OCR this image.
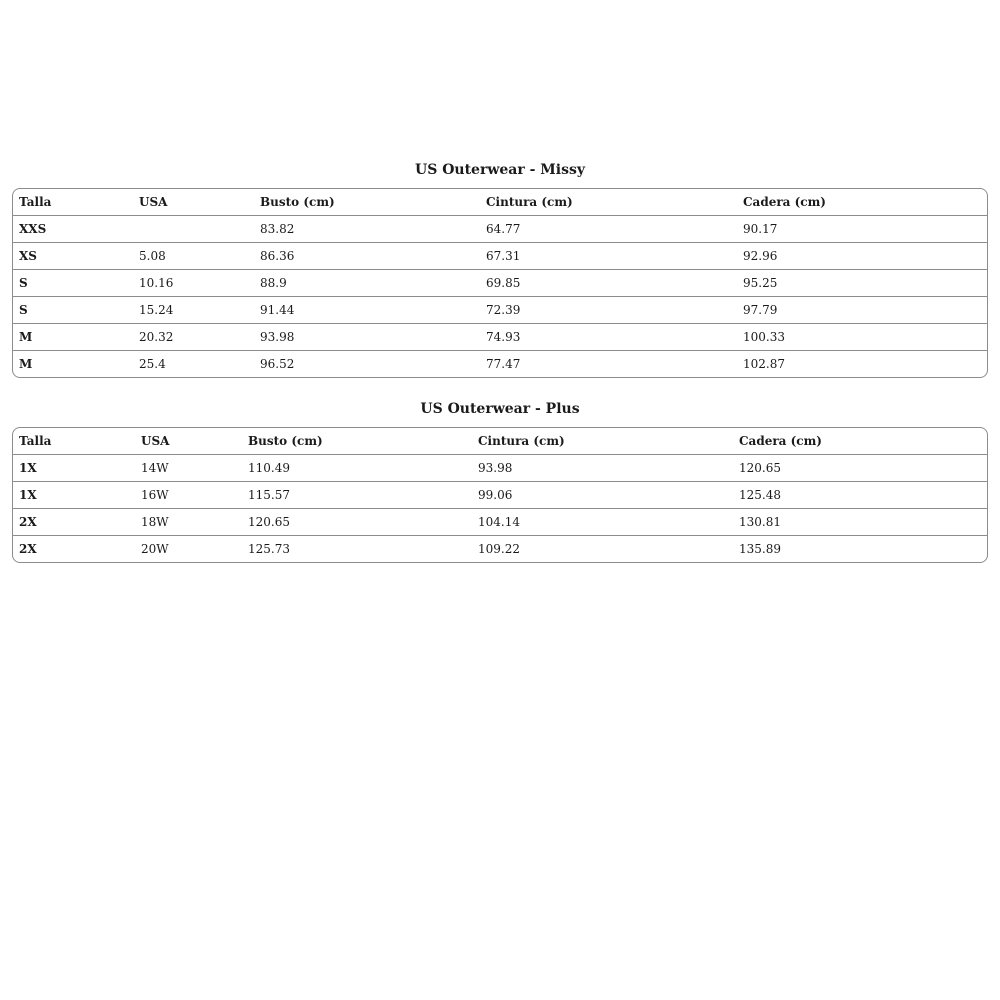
US Outerwear - Missy
Talla	USA	Busto (cm)	Cintura (cm)	Cadera (cm)
XXS		83.82	64.77	90.17
XS	5.08	86.36	67.31	92.96
S	10.16	88.9	69.85	95.25
S	15.24	91.44	72.39	97.79
M	20.32	93.98	74.93	100.33
M	25.4	96.52	77.47	102.87
US Outerwear - Plus
Talla	USA	Busto (cm)	Cintura (cm)	Cadera (cm)
1X	14W	110.49	93.98	120.65
1X	16W	115.57	99.06	125.48
2X	18W	120.65	104.14	130.81
2X	20W	125.73	109.22	135.89
